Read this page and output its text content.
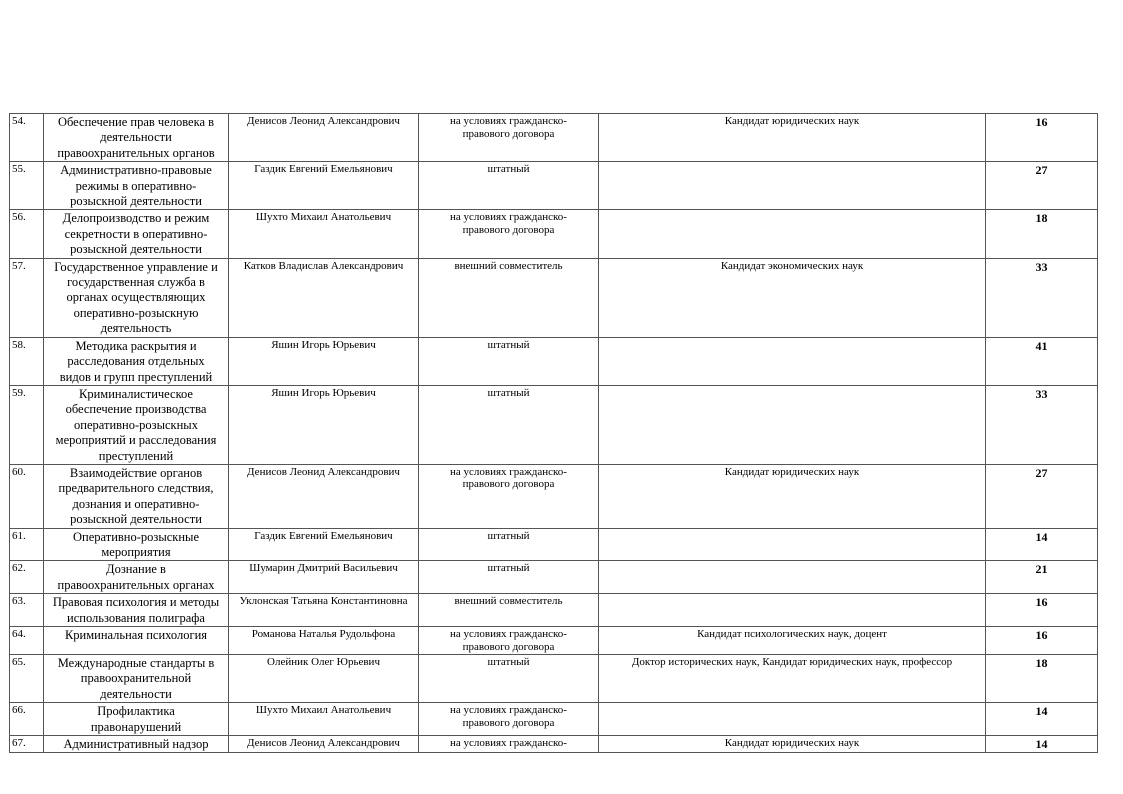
54.	Обеспечение прав человека в
деятельности
правоохранительных органов	Денисов Леонид Александрович	на условиях гражданско-
правового договора	Кандидат юридических наук	16
55.	Административно-правовые
режимы в оперативно-
розыскной деятельности	Газдик Евгений Емельянович	штатный		27
56.	Делопроизводство и режим
секретности в оперативно-
розыскной деятельности	Шухто Михаил Анатольевич	на условиях гражданско-
правового договора		18
57.	Государственное управление и
государственная служба в
органах осуществляющих
оперативно-розыскную
деятельность	Катков Владислав Александрович	внешний совместитель	Кандидат экономических наук	33
58.	Методика раскрытия и
расследования отдельных
видов и групп преступлений	Яшин Игорь Юрьевич	штатный		41
59.	Криминалистическое
обеспечение производства
оперативно-розыскных
мероприятий и расследования
преступлений	Яшин Игорь Юрьевич	штатный		33
60.	Взаимодействие органов
предварительного следствия,
дознания и оперативно-
розыскной деятельности	Денисов Леонид Александрович	на условиях гражданско-
правового договора	Кандидат юридических наук	27
61.	Оперативно-розыскные
мероприятия	Газдик Евгений Емельянович	штатный		14
62.	Дознание в
правоохранительных органах	Шумарин Дмитрий Васильевич	штатный		21
63.	Правовая психология и методы
использования полиграфа	Уклонская Татьяна Константиновна	внешний совместитель		16
64.	Криминальная психология	Романова Наталья Рудольфона	на условиях гражданско-
правового договора	Кандидат психологических наук, доцент	16
65.	Международные стандарты в
правоохранительной
деятельности	Олейник Олег Юрьевич	штатный	Доктор исторических наук, Кандидат юридических наук, профессор	18
66.	Профилактика
правонарушений	Шухто Михаил Анатольевич	на условиях гражданско-
правового договора		14
67.	Административный надзор	Денисов Леонид Александрович	на условиях гражданско-	Кандидат юридических наук	14
